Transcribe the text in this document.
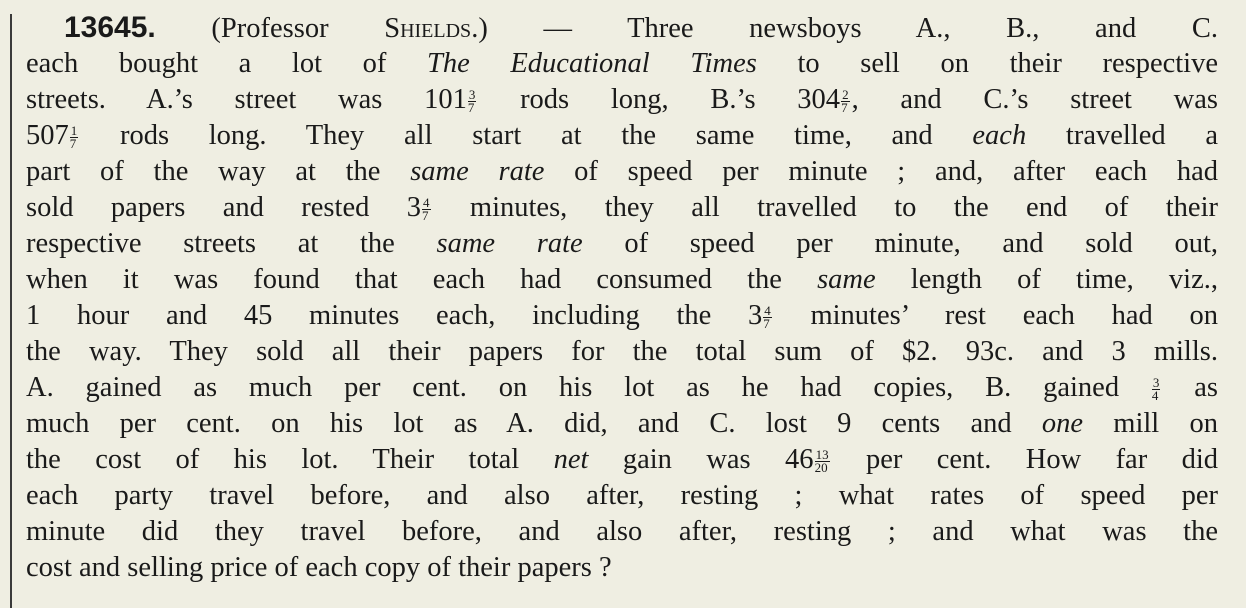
13645. (Professor Shields.) — Three newsboys A., B., and C.
each bought a lot of The Educational Times to sell on their respective
streets. A.’s street was $101 \frac{3}{7}$ rods long, B.’s $304 \frac{2}{7}$ , and C.’s street was
$507 \frac{1}{7}$ rods long. They all start at the same time, and each travelled a
part of the way at the same rate of speed per minute ; and, after each had
sold papers and rested $3 \frac{4}{7}$ minutes, they all travelled to the end of their
respective streets at the same rate of speed per minute, and sold out,
when it was found that each had consumed the same length of time, viz.,
1 hour and 45 minutes each, including the $3 \frac{4}{7}$ minutes’ rest each had on
the way. They sold all their papers for the total sum of $2. 93c. and 3 mills.
A. gained as much per cent. on his lot as he had copies, B. gained $\frac{3}{4}$ as
much per cent. on his lot as A. did, and C. lost 9 cents and one mill on
the cost of his lot. Their total net gain was $46 \frac{13}{20}$ per cent. How far did
each party travel before, and also after, resting ; what rates of speed per
minute did they travel before, and also after, resting ; and what was the
cost and selling price of each copy of their papers ?
